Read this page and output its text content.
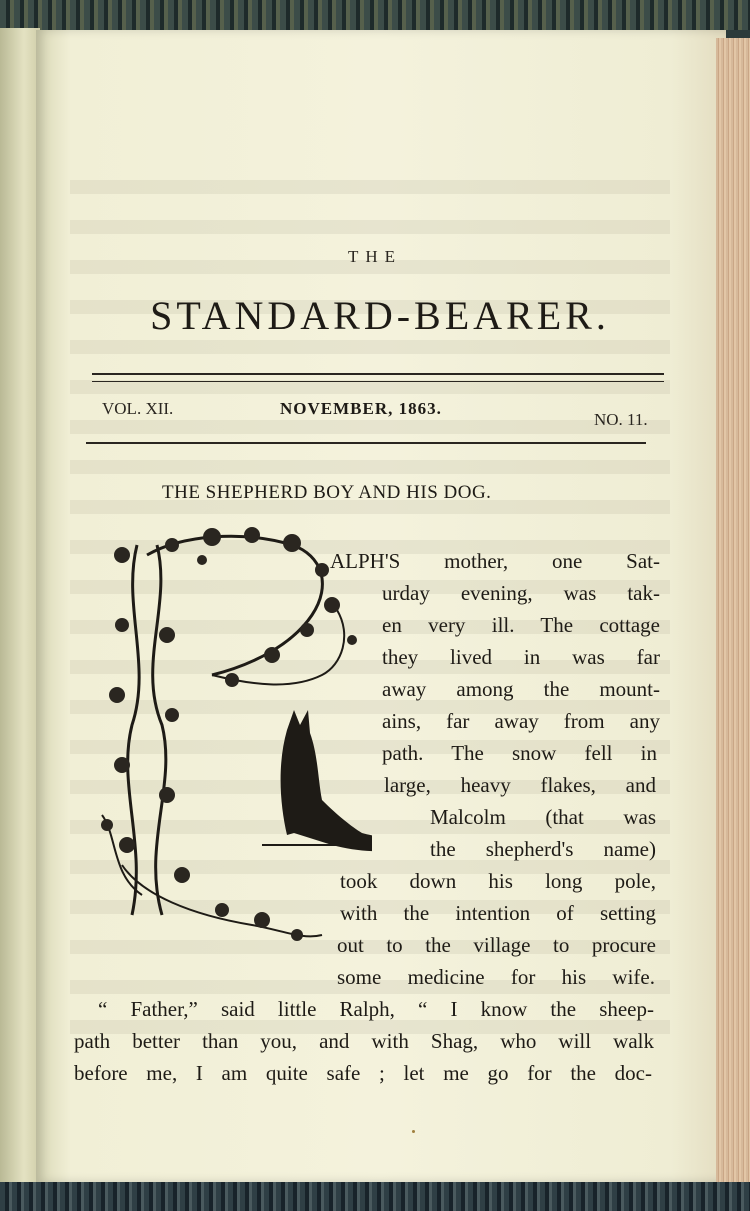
THE
STANDARD-BEARER.
VOL. XII.	NOVEMBER, 1863.
NO. 11.
THE SHEPHERD BOY AND HIS DOG.
ALPH'S mother, one Sat-
urday evening, was tak-
en very ill. The cottage
they lived in was far
away among the mount-
ains, far away from any
path. The snow fell in
large, heavy flakes, and
Malcolm (that was
the shepherd's name)
took down his long pole,
with the intention of setting
out to the village to procure
some medicine for his wife.
“ Father,” said little Ralph, “ I know the sheep-
path better than you, and with Shag, who will walk
before me, I am quite safe ; let me go for the doc-
